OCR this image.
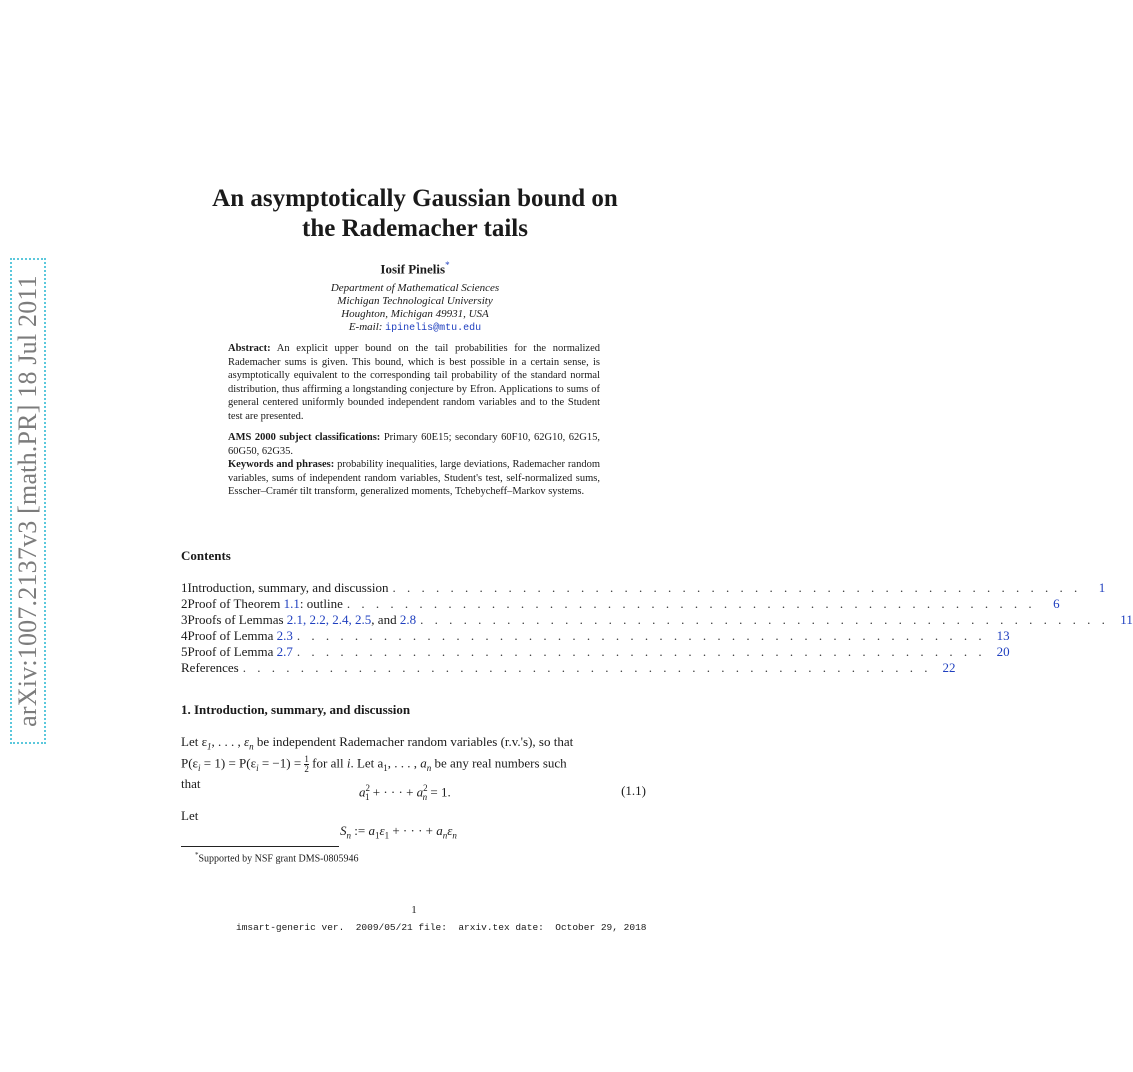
arXiv:1007.2137v3 [math.PR] 18 Jul 2011
An asymptotically Gaussian bound on
the Rademacher tails
Iosif Pinelis*
Department of Mathematical Sciences
Michigan Technological University
Houghton, Michigan 49931, USA
E-mail: ipinelis@mtu.edu

Abstract: An explicit upper bound on the tail probabilities for the normalized Rademacher sums is given. This bound, which is best possible in a certain sense, is asymptotically equivalent to the corresponding tail probability of the standard normal distribution, thus affirming a longstanding conjecture by Efron. Applications to sums of general centered uniformly bounded independent random variables and to the Student test are presented.

AMS 2000 subject classifications: Primary 60E15; secondary 60F10, 62G10, 62G15, 60G50, 62G35.
Keywords and phrases: probability inequalities, large deviations, Rademacher random variables, sums of independent random variables, Student's test, self-normalized sums, Esscher–Cramér tilt transform, generalized moments, Tchebycheff–Markov systems.

Contents
1 Introduction, summary, and discussion . . . . . . . . . . . . . . . . . . . . . . . . . . . . . . . . . . . . . . . . . . . . . . . .	1
2 Proof of Theorem 1.1: outline . . . . . . . . . . . . . . . . . . . . . . . . . . . . . . . . . . . . . . . . . . . . . . . .	6
3 Proofs of Lemmas 2.1, 2.2, 2.4, 2.5, and 2.8 . . . . . . . . . . . . . . . . . . . . . . . . . . . . . . . . . . . . . . . . . . . . . . . . 11
4 Proof of Lemma 2.3 . . . . . . . . . . . . . . . . . . . . . . . . . . . . . . . . . . . . . . . . . . . . . . . . 13
5 Proof of Lemma 2.7 . . . . . . . . . . . . . . . . . . . . . . . . . . . . . . . . . . . . . . . . . . . . . . . . 20
References . . . . . . . . . . . . . . . . . . . . . . . . . . . . . . . . . . . . . . . . . . . . . . . . 22
1. Introduction, summary, and discussion
Let $\varepsilon_1$, . . . , $\varepsilon_n$ be independent Rademacher random variables (r.v.'s), so that
$P(\varepsilon_i = 1) = P(\varepsilon_i = -1) = \frac{1}{2}$ for all i. Let $a_1$, . . . , $a_n$ be any real numbers such
that
$a^2_1$ + · · · + $a^2_n = 1$.	(1.1)
Let
$S_n$ := $a_1\varepsilon_1$ + · · · + $a_n\varepsilon_n$
*Supported by NSF grant DMS-0805946
1
imsart-generic ver.  2009/05/21 file:  arxiv.tex date:  October 29, 2018
